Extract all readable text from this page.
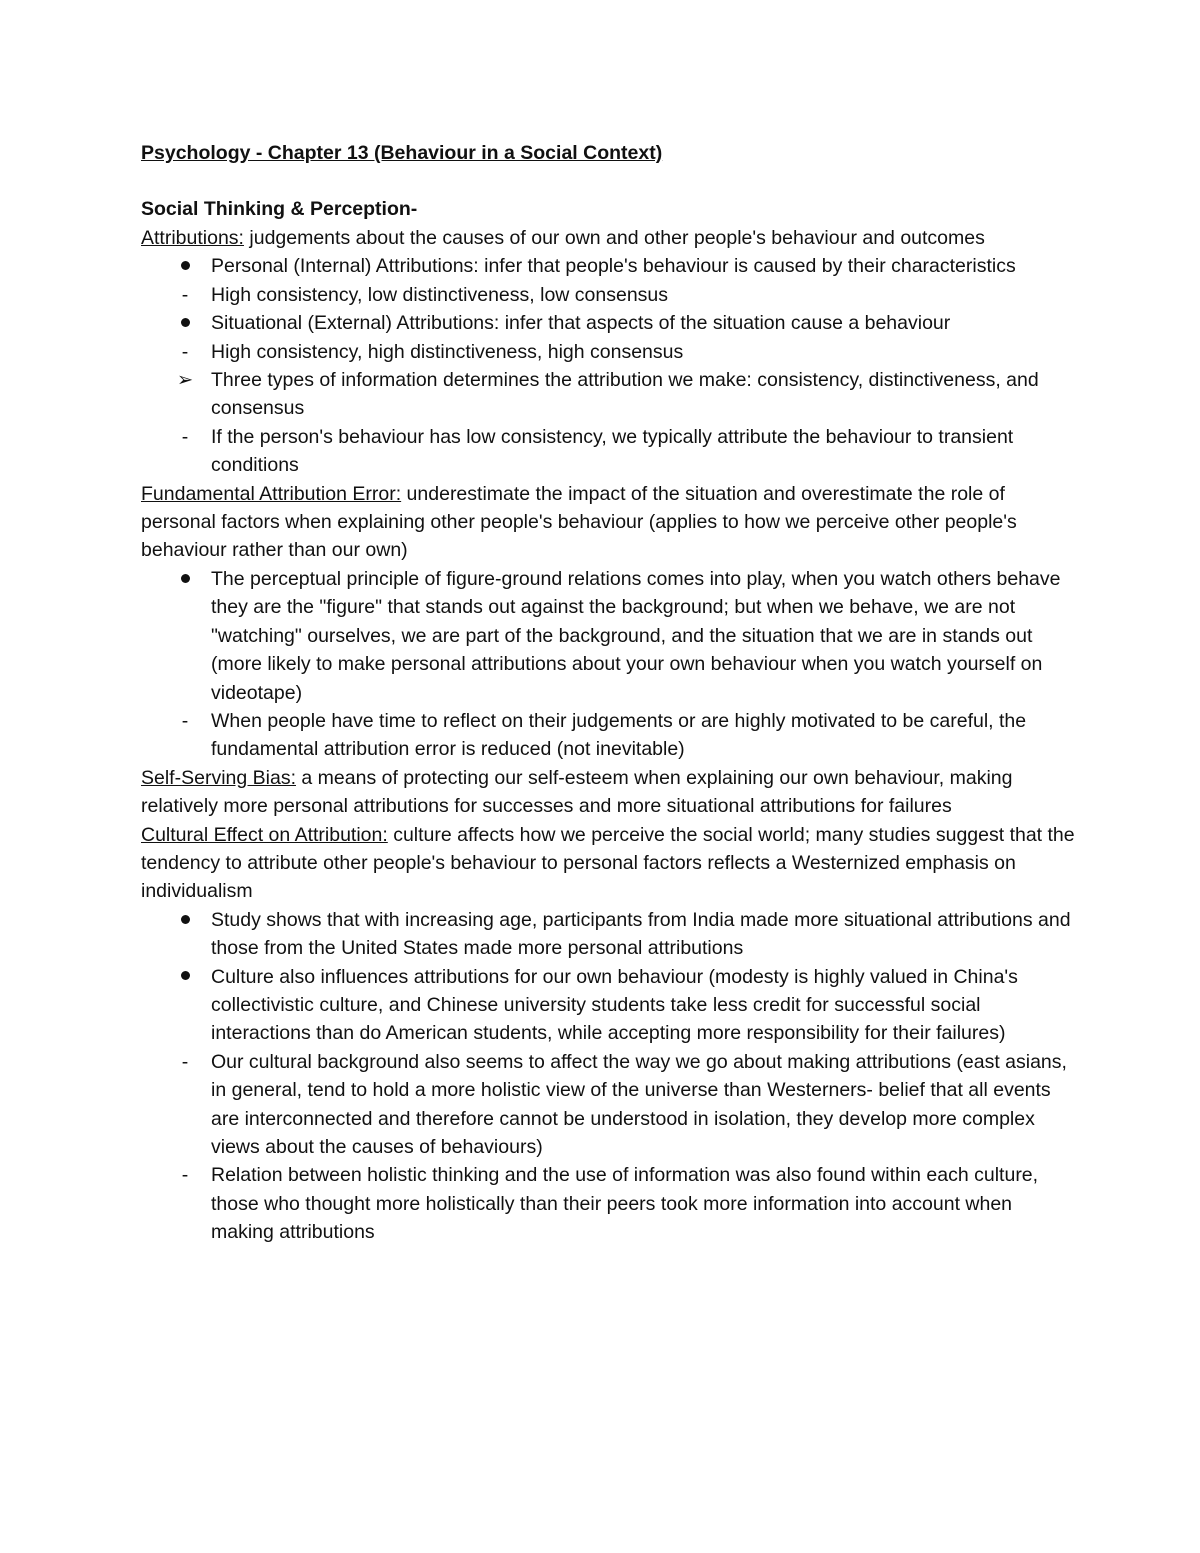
Psychology - Chapter 13 (Behaviour in a Social Context)

Social Thinking & Perception-

Attributions: judgements about the causes of our own and other people's behaviour and outcomes

Personal (Internal) Attributions: infer that people's behaviour is caused by their characteristics
-	High consistency, low distinctiveness, low consensus
Situational (External) Attributions: infer that aspects of the situation cause a behaviour
-	High consistency, high distinctiveness, high consensus
➢ Three types of information determines the attribution we make: consistency, distinctiveness, and consensus
-	If the person's behaviour has low consistency, we typically attribute the behaviour to transient conditions

Fundamental Attribution Error: underestimate the impact of the situation and overestimate the role of personal factors when explaining other people's behaviour (applies to how we perceive other people's behaviour rather than our own)

The perceptual principle of figure-ground relations comes into play, when you watch others behave they are the "figure" that stands out against the background; but when we behave, we are not "watching" ourselves, we are part of the background, and the situation that we are in stands out (more likely to make personal attributions about your own behaviour when you watch yourself on videotape)
-	When people have time to reflect on their judgements or are highly motivated to be careful, the fundamental attribution error is reduced (not inevitable)

Self-Serving Bias: a means of protecting our self-esteem when explaining our own behaviour, making relatively more personal attributions for successes and more situational attributions for failures

Cultural Effect on Attribution: culture affects how we perceive the social world; many studies suggest that the tendency to attribute other people's behaviour to personal factors reflects a Westernized emphasis on individualism

Study shows that with increasing age, participants from India made more situational attributions and those from the United States made more personal attributions
Culture also influences attributions for our own behaviour (modesty is highly valued in China's collectivistic culture, and Chinese university students take less credit for successful social interactions than do American students, while accepting more responsibility for their failures)
-	Our cultural background also seems to affect the way we go about making attributions (east asians, in general, tend to hold a more holistic view of the universe than Westerners- belief that all events are interconnected and therefore cannot be understood in isolation, they develop more complex views about the causes of behaviours)
-	Relation between holistic thinking and the use of information was also found within each culture, those who thought more holistically than their peers took more information into account when making attributions
